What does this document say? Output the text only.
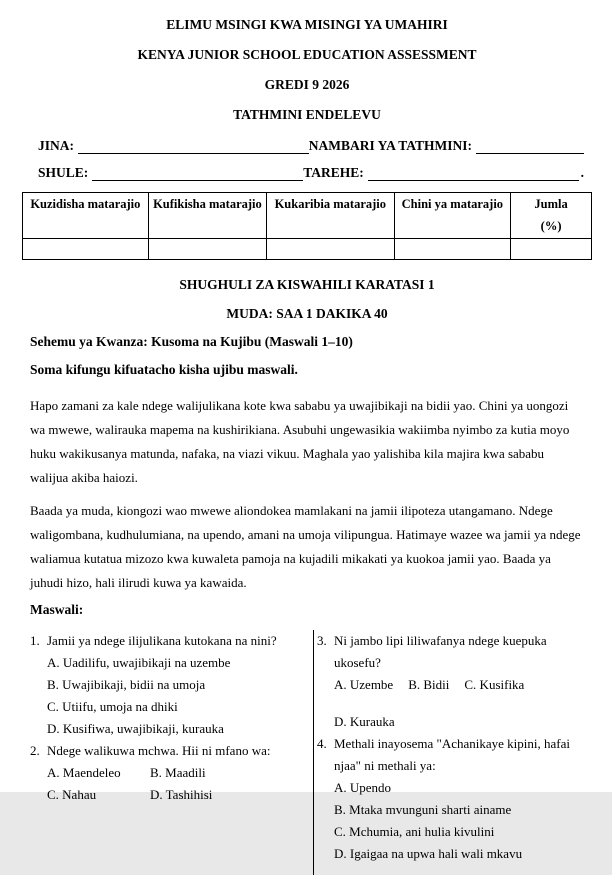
ELIMU MSINGI KWA MISINGI YA UMAHIRI
KENYA JUNIOR SCHOOL EDUCATION ASSESSMENT
GREDI 9 2026
TATHMINI ENDELEVU
JINA:	NAMBARI YA TATHMINI:
SHULE:	TAREHE:	.
Kuzidisha matarajio	Kufikisha matarajio	Kukaribia matarajio	Chini ya matarajio	Jumla
(%)

SHUGHULI ZA KISWAHILI KARATASI 1
MUDA: SAA 1 DAKIKA 40
Sehemu ya Kwanza: Kusoma na Kujibu (Maswali 1–10)
Soma kifungu kifuatacho kisha ujibu maswali.

Hapo zamani za kale ndege walijulikana kote kwa sababu ya uwajibikaji na bidii yao. Chini ya uongozi wa mwewe, walirauka mapema na kushirikiana. Asubuhi ungewasikia wakiimba nyimbo za kutia moyo huku wakikusanya matunda, nafaka, na viazi vikuu. Maghala yao yalishiba kila majira kwa sababu walijua akiba haiozi.

Baada ya muda, kiongozi wao mwewe aliondokea mamlakani na jamii ilipoteza utangamano. Ndege waligombana, kudhulumiana, na upendo, amani na umoja vilipungua. Hatimaye wazee wa jamii ya ndege waliamua kutatua mizozo kwa kuwaleta pamoja na kujadili mikakati ya kuokoa jamii yao. Baada ya juhudi hizo, hali ilirudi kuwa ya kawaida.

Maswali:
1. Jamii ya ndege ilijulikana kutokana na nini?
A. Uadilifu, uwajibikaji na uzembe
B. Uwajibikaji, bidii na umoja
C. Utiifu, umoja na dhiki
D. Kusifiwa, uwajibikaji, kurauka
2. Ndege walikuwa mchwa. Hii ni mfano wa:
A. Maendeleo	B. Maadili
C. Nahau	D. Tashihisi
3. Ni jambo lipi liliwafanya ndege kuepuka ukosefu?
A. Uzembe B. Bidii C. Kusifika
D. Kurauka
4. Methali inayosema "Achanikaye kipini, hafai njaa" ni methali ya:
A. Upendo
B. Mtaka mvunguni sharti ainame
C. Mchumia, ani hulia kivulini
D. Igaigaa na upwa hali wali mkavu
